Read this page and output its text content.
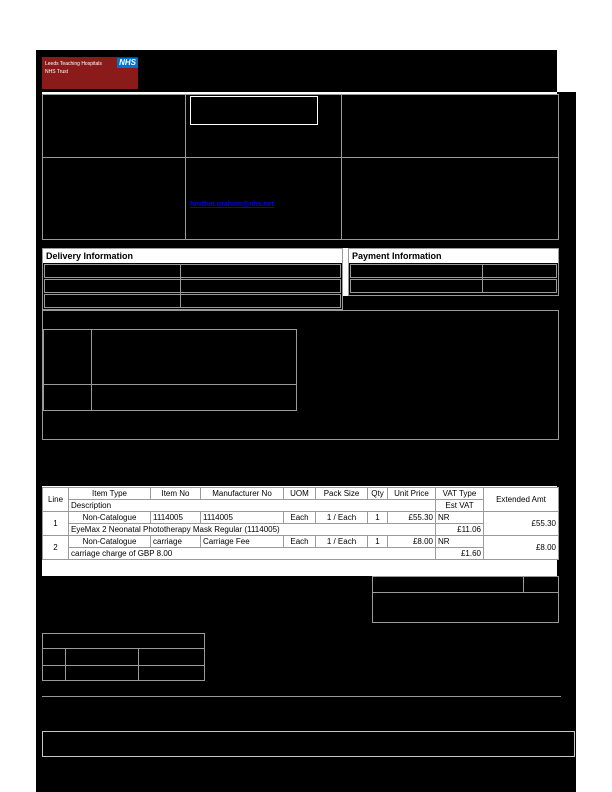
NHS
Leeds Teaching Hospitals
NHS Trust
heather.graham@nhs.net
Delivery Information	Payment Information
Line	Item Type	Item No	Manufacturer No	UOM	Pack Size	Qty	Unit Price	VAT Type	Extended Amt
	Description							Est VAT	
1	Non-Catalogue	1114005	1114005	Each	1 / Each	1	£55.30	NR	£55.30
	EyeMax 2 Neonatal Phototherapy Mask Regular (1114005)							£11.06	
2	Non-Catalogue	carriage	Carriage Fee	Each	1 / Each	1	£8.00	NR	£8.00
	carriage charge of GBP 8.00							£1.60	
